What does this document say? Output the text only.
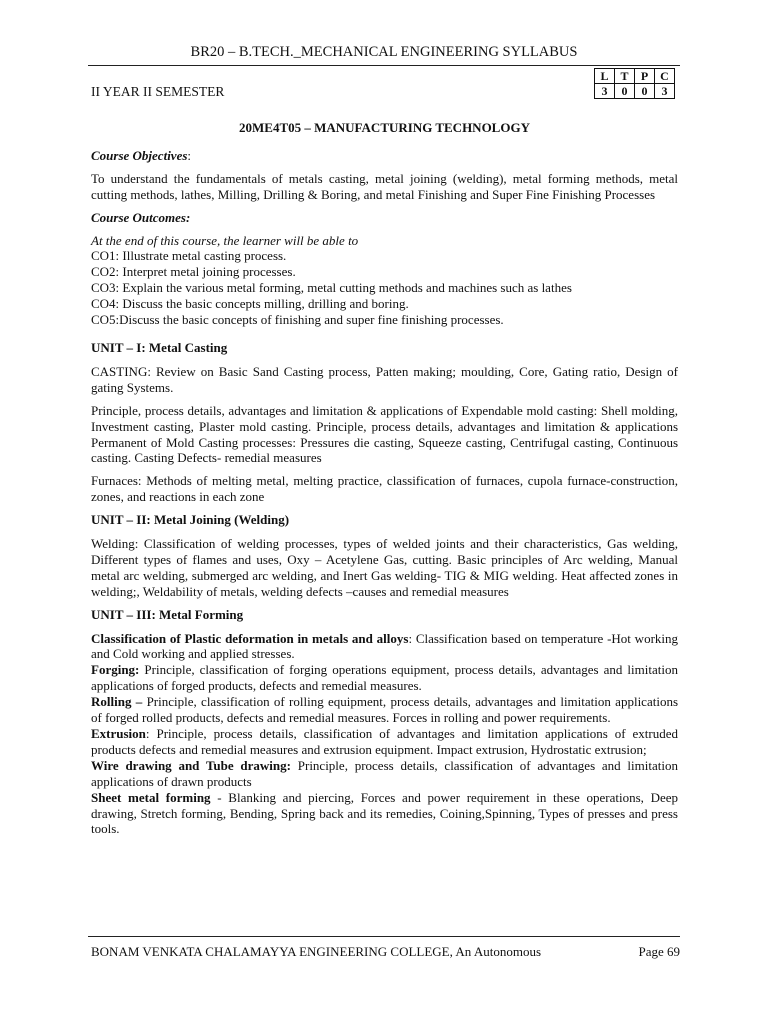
BR20 – B.TECH._MECHANICAL ENGINEERING SYLLABUS
II YEAR II SEMESTER
L	T	P	C
3	0	0	3
20ME4T05 – MANUFACTURING TECHNOLOGY

Course Objectives:

To understand the fundamentals of metals casting, metal joining (welding), metal forming methods, metal cutting methods, lathes, Milling, Drilling & Boring, and metal Finishing and Super Fine Finishing Processes

Course Outcomes:

At the end of this course, the learner will be able to

CO1: Illustrate metal casting process.

CO2: Interpret metal joining processes.

CO3: Explain the various metal forming, metal cutting methods and machines such as lathes

CO4: Discuss the basic concepts milling, drilling and boring.

CO5:Discuss the basic concepts of finishing and super fine finishing processes.

UNIT – I: Metal Casting

CASTING: Review on Basic Sand Casting process, Patten making; moulding, Core, Gating ratio, Design of gating Systems.

Principle, process details, advantages and limitation & applications of Expendable mold casting: Shell molding, Investment casting, Plaster mold casting. Principle, process details, advantages and limitation & applications Permanent of Mold Casting processes: Pressures die casting, Squeeze casting, Centrifugal casting, Continuous casting. Casting Defects- remedial measures

Furnaces: Methods of melting metal, melting practice, classification of furnaces, cupola furnace-construction, zones, and reactions in each zone

UNIT – II: Metal Joining (Welding)

Welding: Classification of welding processes, types of welded joints and their characteristics, Gas welding, Different types of flames and uses, Oxy – Acetylene Gas, cutting. Basic principles of Arc welding, Manual metal arc welding, submerged arc welding, and Inert Gas welding- TIG & MIG welding. Heat affected zones in welding;, Weldability of metals, welding defects –causes and remedial measures

UNIT – III: Metal Forming

Classification of Plastic deformation in metals and alloys: Classification based on temperature -Hot working and Cold working and applied stresses.

Forging: Principle, classification of forging operations equipment, process details, advantages and limitation applications of forged products, defects and remedial measures.

Rolling – Principle, classification of rolling equipment, process details, advantages and limitation applications of forged rolled products, defects and remedial measures. Forces in rolling and power requirements.

Extrusion: Principle, process details, classification of advantages and limitation applications of extruded products defects and remedial measures and extrusion equipment. Impact extrusion, Hydrostatic extrusion;

Wire drawing and Tube drawing: Principle, process details, classification of advantages and limitation applications of drawn products

Sheet metal forming - Blanking and piercing, Forces and power requirement in these operations, Deep drawing, Stretch forming, Bending, Spring back and its remedies, Coining,Spinning, Types of presses and press tools.

BONAM VENKATA CHALAMAYYA ENGINEERING COLLEGE, An Autonomous	Page 69
